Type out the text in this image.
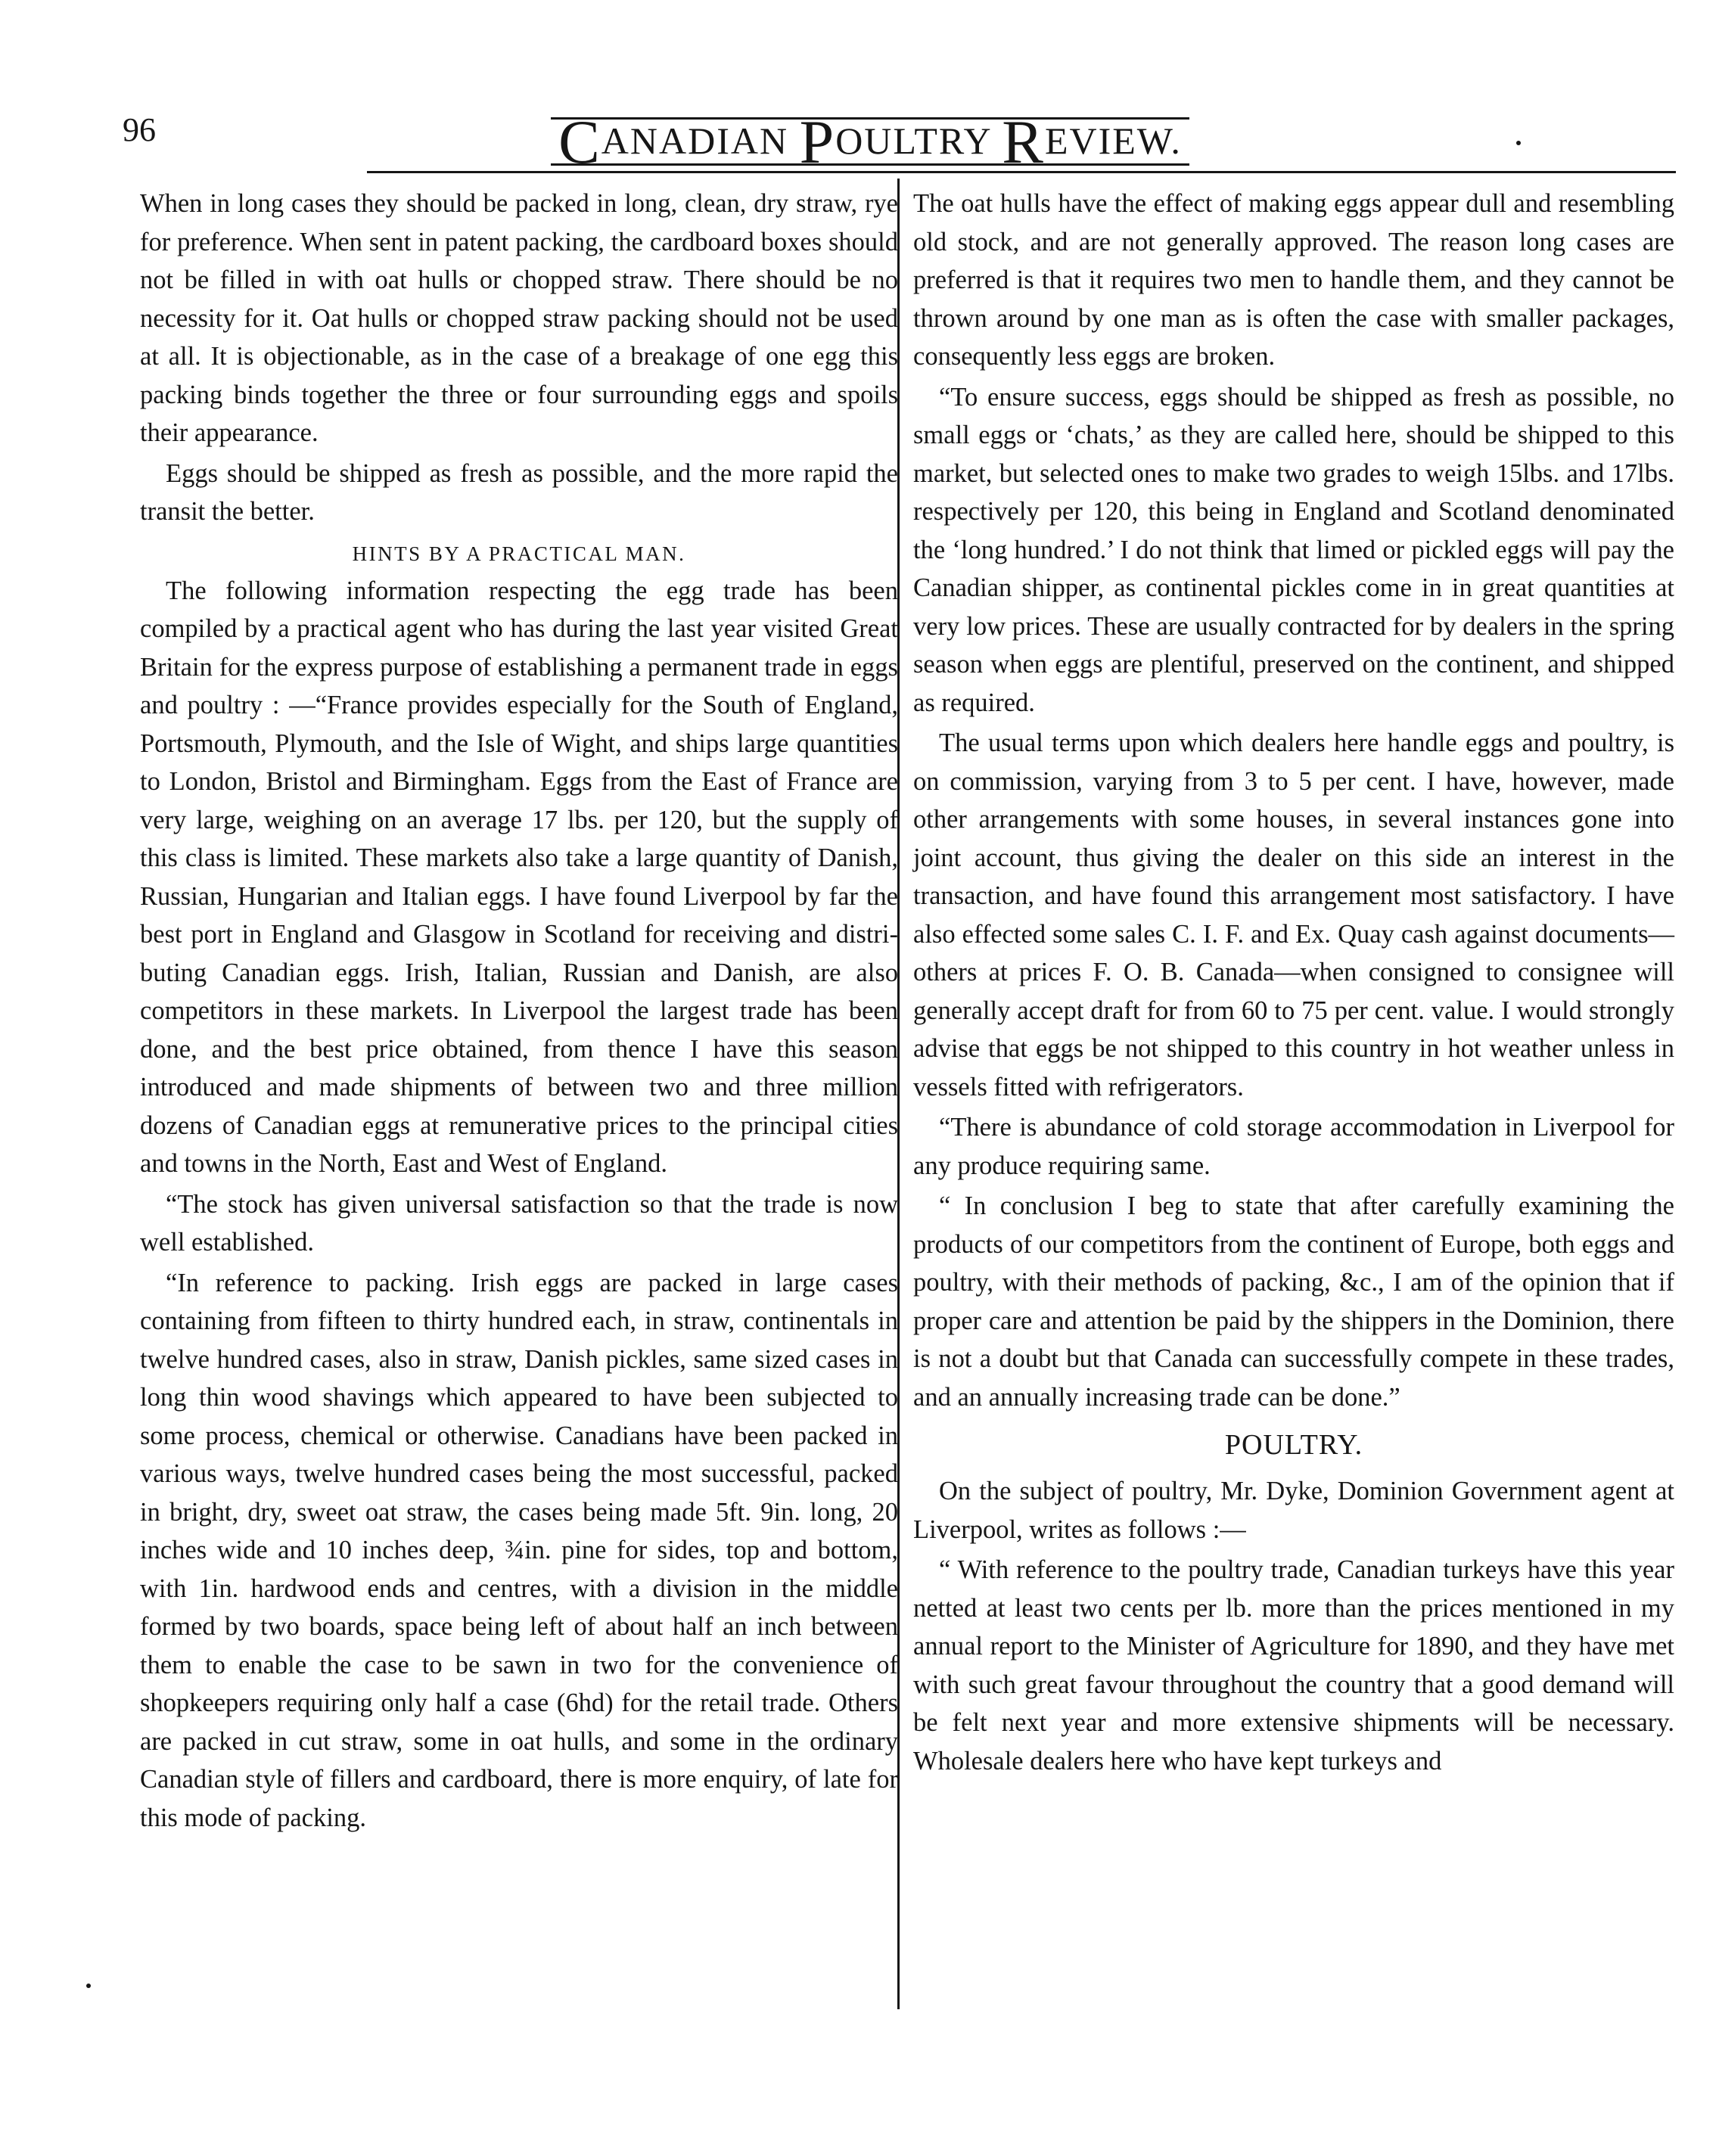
96	CANADIAN POULTRY REVIEW.

When in long cases they should be packed in long, clean, dry straw, rye for preference. When sent in patent packing, the cardboard boxes should not be filled in with oat hulls or chopped straw. There should be no necessity for it. Oat hulls or chopped straw packing should not be used at all. It is objectionable, as in the case of a breakage of one egg this packing binds together the three or four surrounding eggs and spoils their appearance.

Eggs should be shipped as fresh as possible, and the more rapid the transit the better.

HINTS BY A PRACTICAL MAN.

The following information respecting the egg trade has been compiled by a practical agent who has during the last year visited Great Britain for the express purpose of establishing a permanent trade in eggs and poultry : —“France provides especially for the South of England, Portsmouth, Plymouth, and the Isle of Wight, and ships large quantities to London, Bristol and Birmingham. Eggs from the East of France are very large, weighing on an average 17 lbs. per 120, but the supply of this class is limited. These markets also take a large quantity of Danish, Russian, Hungarian and Italian eggs. I have found Liverpool by far the best port in England and Glasgow in Scotland for receiving and distributing Canadian eggs. Irish, Italian, Russian and Danish, are also competitors in these markets. In Liverpool the largest trade has been done, and the best price obtained, from thence I have this season introduced and made shipments of between two and three million dozens of Canadian eggs at remunerative prices to the principal cities and towns in the North, East and West of England.

“The stock has given universal satisfaction so that the trade is now well established.

“In reference to packing. Irish eggs are packed in large cases containing from fifteen to thirty hundred each, in straw, continentals in twelve hundred cases, also in straw, Danish pickles, same sized cases in long thin wood shavings which appeared to have been subjected to some process, chemical or otherwise. Canadians have been packed in various ways, twelve hundred cases being the most successful, packed in bright, dry, sweet oat straw, the cases being made 5ft. 9in. long, 20 inches wide and 10 inches deep, ¾in. pine for sides, top and bottom, with 1in. hardwood ends and centres, with a division in the middle formed by two boards, space being left of about half an inch between them to enable the case to be sawn in two for the convenience of shopkeepers requiring only half a case (6hd) for the retail trade. Others are packed in cut straw, some in oat hulls, and some in the ordinary Canadian style of fillers and cardboard, there is more enquiry, of late for this mode of packing.

The oat hulls have the effect of making eggs appear dull and resembling old stock, and are not generally approved. The reason long cases are preferred is that it requires two men to handle them, and they cannot be thrown around by one man as is often the case with smaller packages, consequently less eggs are broken.

“To ensure success, eggs should be shipped as fresh as possible, no small eggs or ‘chats,’ as they are called here, should be shipped to this market, but selected ones to make two grades to weigh 15lbs. and 17lbs. respectively per 120, this being in England and Scotland denominated the ‘long hundred.’ I do not think that limed or pickled eggs will pay the Canadian shipper, as continental pickles come in in great quantities at very low prices. These are usually contracted for by dealers in the spring season when eggs are plentiful, preserved on the continent, and shipped as required.

The usual terms upon which dealers here handle eggs and poultry, is on commission, varying from 3 to 5 per cent. I have, however, made other arrangements with some houses, in several instances gone into joint account, thus giving the dealer on this side an interest in the transaction, and have found this arrangement most satisfactory. I have also effected some sales C. I. F. and Ex. Quay cash against documents—others at prices F. O. B. Canada—when consigned to consignee will generally accept draft for from 60 to 75 per cent. value. I would strongly advise that eggs be not shipped to this country in hot weather unless in vessels fitted with refrigerators.

“There is abundance of cold storage accommodation in Liverpool for any produce requiring same.

“ In conclusion I beg to state that after carefully examining the products of our competitors from the continent of Europe, both eggs and poultry, with their methods of packing, &c., I am of the opinion that if proper care and attention be paid by the shippers in the Dominion, there is not a doubt but that Canada can successfully compete in these trades, and an annually increasing trade can be done.”

POULTRY.

On the subject of poultry, Mr. Dyke, Dominion Government agent at Liverpool, writes as follows :—

“ With reference to the poultry trade, Canadian turkeys have this year netted at least two cents per lb. more than the prices mentioned in my annual report to the Minister of Agriculture for 1890, and they have met with such great favour throughout the country that a good demand will be felt next year and more extensive shipments will be necessary. Wholesale dealers here who have kept turkeys and
